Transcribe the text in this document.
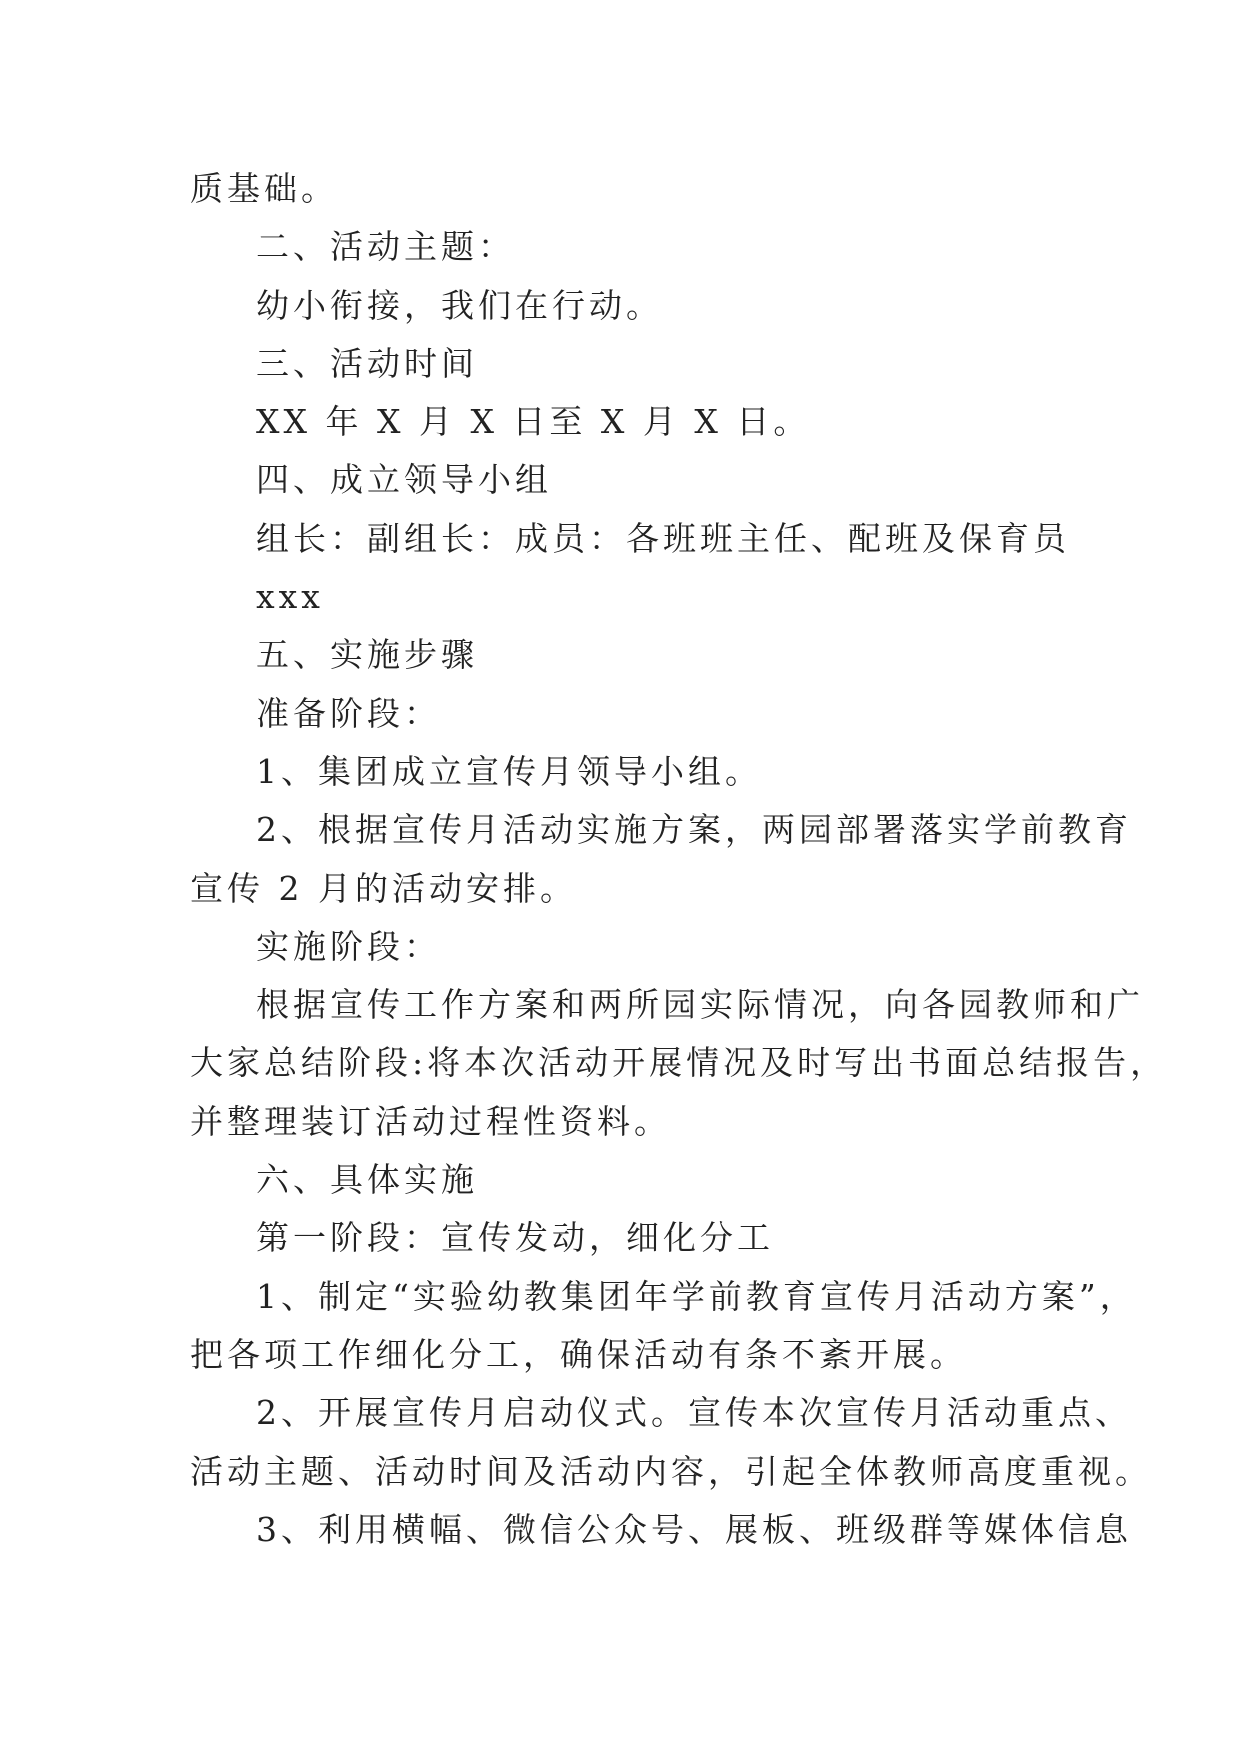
质基础。
二、活动主题：
幼小衔接，我们在行动。
三、活动时间
XX 年 X 月 X 日至 X 月 X 日。
四、成立领导小组
组长：副组长：成员：各班班主任、配班及保育员
xxx
五、实施步骤
准备阶段：
1、集团成立宣传月领导小组。
2、根据宣传月活动实施方案，两园部署落实学前教育
宣传 2 月的活动安排。
实施阶段：
根据宣传工作方案和两所园实际情况，向各园教师和广
大家总结阶段:将本次活动开展情况及时写出书面总结报告，
并整理装订活动过程性资料。
六、具体实施
第一阶段：宣传发动，细化分工
1、制定“实验幼教集团年学前教育宣传月活动方案”，
把各项工作细化分工，确保活动有条不紊开展。
2、开展宣传月启动仪式。宣传本次宣传月活动重点、
活动主题、活动时间及活动内容，引起全体教师高度重视。
3、利用横幅、微信公众号、展板、班级群等媒体信息
